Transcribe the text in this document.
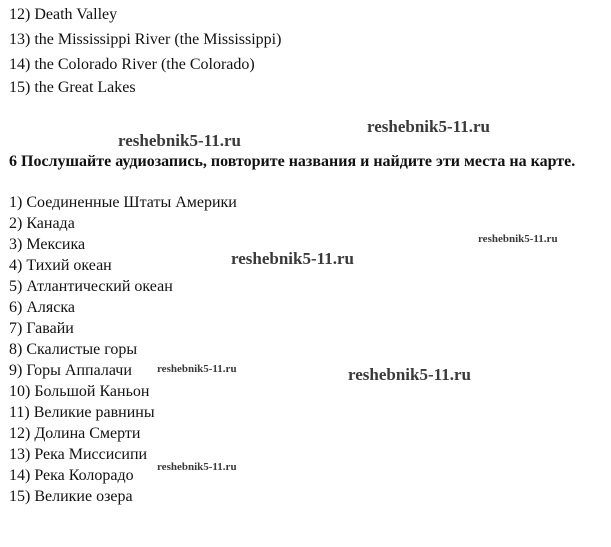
12) Death Valley
13) the Mississippi River (the Mississippi)
14) the Colorado River (the Colorado)
15) the Great Lakes
reshebnik5-11.ru
reshebnik5-11.ru
6 Послушайте аудиозапись, повторите названия и найдите эти места на карте.
1) Соединенные Штаты Америки
2) Канада
3) Мексика
4) Тихий океан
5) Атлантический океан
6) Аляска
7) Гавайи
8) Скалистые горы
9) Горы Аппалачи
10) Большой Каньон
11) Великие равнины
12) Долина Смерти
13) Река Миссисипи
14) Река Колорадо
15) Великие озера
reshebnik5-11.ru
reshebnik5-11.ru
reshebnik5-11.ru	reshebnik5-11.ru
reshebnik5-11.ru
